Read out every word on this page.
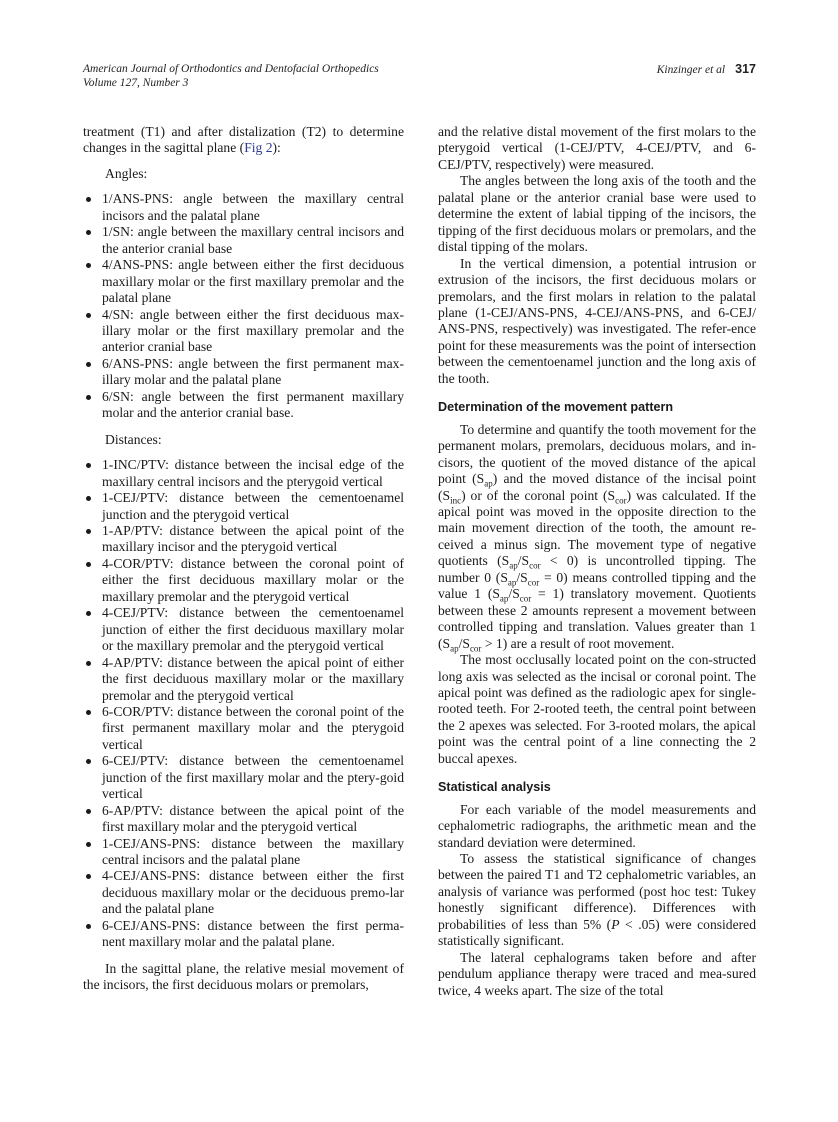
American Journal of Orthodontics and Dentofacial Orthopedics
Volume 127, Number 3
Kinzinger et al 317

treatment (T1) and after distalization (T2) to determine changes in the sagittal plane (Fig 2):

Angles:

1/ANS-PNS: angle between the maxillary central incisors and the palatal plane
1/SN: angle between the maxillary central incisors and the anterior cranial base
4/ANS-PNS: angle between either the first deciduous maxillary molar or the first maxillary premolar and the palatal plane
4/SN: angle between either the first deciduous max-illary molar or the first maxillary premolar and the anterior cranial base
6/ANS-PNS: angle between the first permanent max-illary molar and the palatal plane
6/SN: angle between the first permanent maxillary molar and the anterior cranial base.

Distances:

1-INC/PTV: distance between the incisal edge of the maxillary central incisors and the pterygoid vertical
1-CEJ/PTV: distance between the cementoenamel junction and the pterygoid vertical
1-AP/PTV: distance between the apical point of the maxillary incisor and the pterygoid vertical
4-COR/PTV: distance between the coronal point of either the first deciduous maxillary molar or the maxillary premolar and the pterygoid vertical
4-CEJ/PTV: distance between the cementoenamel junction of either the first deciduous maxillary molar or the maxillary premolar and the pterygoid vertical
4-AP/PTV: distance between the apical point of either the first deciduous maxillary molar or the maxillary premolar and the pterygoid vertical
6-COR/PTV: distance between the coronal point of the first permanent maxillary molar and the pterygoid vertical
6-CEJ/PTV: distance between the cementoenamel junction of the first maxillary molar and the ptery-goid vertical
6-AP/PTV: distance between the apical point of the first maxillary molar and the pterygoid vertical
1-CEJ/ANS-PNS: distance between the maxillary central incisors and the palatal plane
4-CEJ/ANS-PNS: distance between either the first deciduous maxillary molar or the deciduous premo-lar and the palatal plane
6-CEJ/ANS-PNS: distance between the first perma-nent maxillary molar and the palatal plane.

In the sagittal plane, the relative mesial movement of the incisors, the first deciduous molars or premolars,

and the relative distal movement of the first molars to the pterygoid vertical (1-CEJ/PTV, 4-CEJ/PTV, and 6-CEJ/PTV, respectively) were measured.

The angles between the long axis of the tooth and the palatal plane or the anterior cranial base were used to determine the extent of labial tipping of the incisors, the tipping of the first deciduous molars or premolars, and the distal tipping of the molars.

In the vertical dimension, a potential intrusion or extrusion of the incisors, the first deciduous molars or premolars, and the first molars in relation to the palatal plane (1-CEJ/ANS-PNS, 4-CEJ/ANS-PNS, and 6-CEJ/ ANS-PNS, respectively) was investigated. The refer-ence point for these measurements was the point of intersection between the cementoenamel junction and the long axis of the tooth.

Determination of the movement pattern

To determine and quantify the tooth movement for the permanent molars, premolars, deciduous molars, and in-cisors, the quotient of the moved distance of the apical point $(S_{ap})$ and the moved distance of the incisal point $(S_{inc})$ or of the coronal point $(S_{cor})$ was calculated. If the apical point was moved in the opposite direction to the main movement direction of the tooth, the amount re-ceived a minus sign. The movement type of negative quotients $(S_{ap}/S_{cor} < 0)$ is uncontrolled tipping. The number 0 $(S_{ap}/S_{cor} = 0)$ means controlled tipping and the value 1 $(S_{ap}/S_{cor} = 1)$ translatory movement. Quotients between these 2 amounts represent a movement between controlled tipping and translation. Values greater than 1 $(S_{ap}/S_{cor} > 1)$ are a result of root movement.

The most occlusally located point on the con-structed long axis was selected as the incisal or coronal point. The apical point was defined as the radiologic apex for single-rooted teeth. For 2-rooted teeth, the central point between the 2 apexes was selected. For 3-rooted molars, the apical point was the central point of a line connecting the 2 buccal apexes.

Statistical analysis

For each variable of the model measurements and cephalometric radiographs, the arithmetic mean and the standard deviation were determined.

To assess the statistical significance of changes between the paired T1 and T2 cephalometric variables, an analysis of variance was performed (post hoc test: Tukey honestly significant difference). Differences with probabilities of less than 5% (P < .05) were considered statistically significant.

The lateral cephalograms taken before and after pendulum appliance therapy were traced and mea-sured twice, 4 weeks apart. The size of the total
